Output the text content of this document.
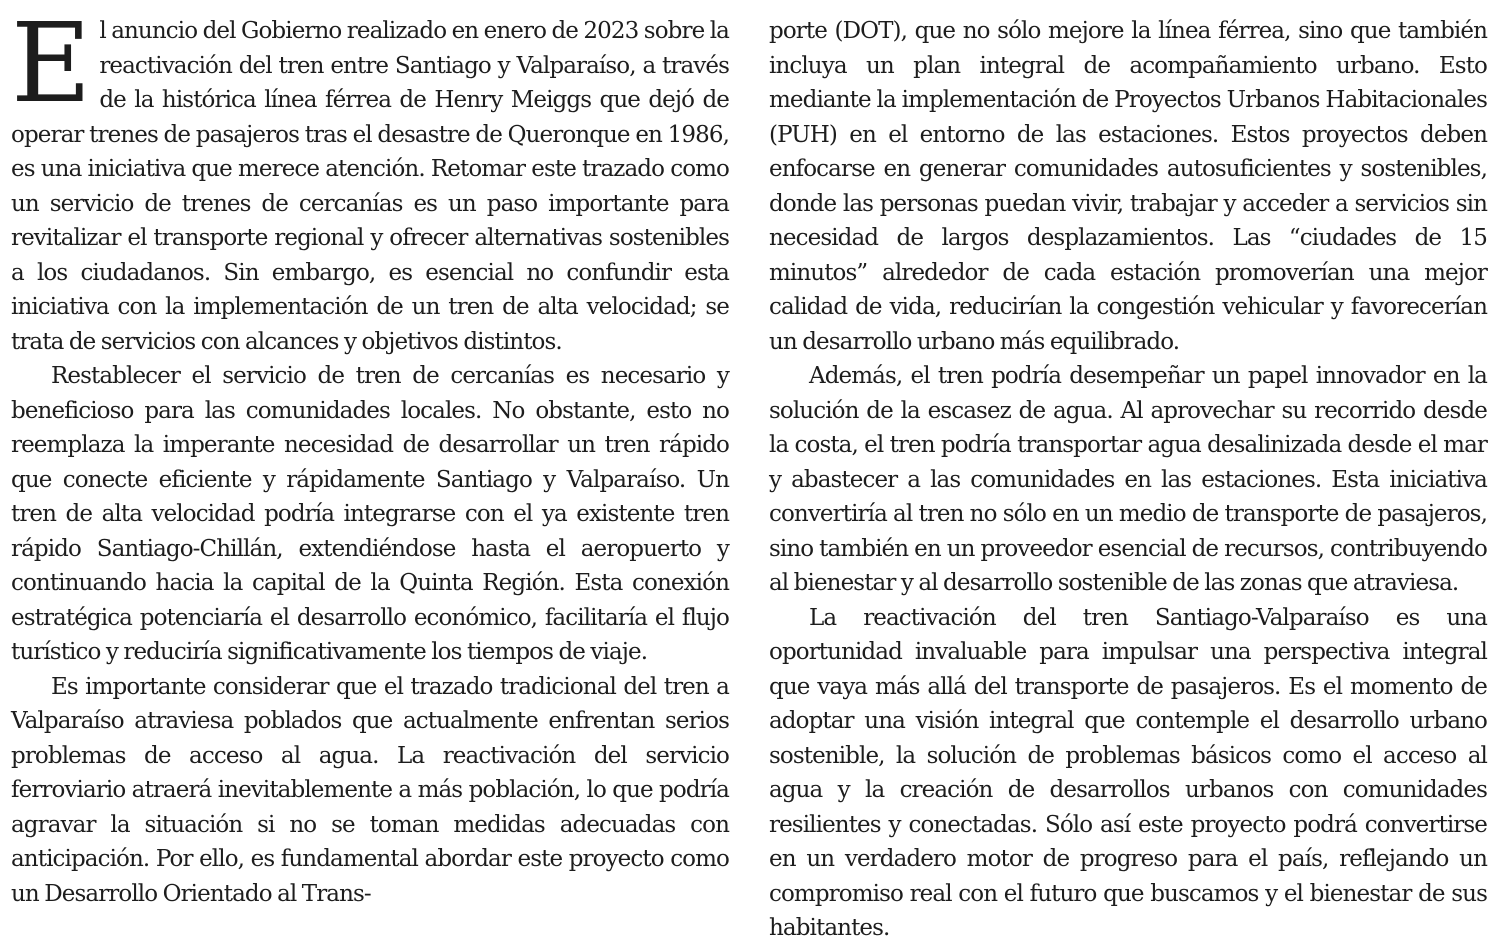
El anuncio del Gobierno realizado en enero de 2023 sobre la reactivación del tren entre Santiago y Valparaíso, a través de la histórica línea férrea de Henry Meiggs que dejó de operar trenes de pasajeros tras el desastre de Queronque en 1986, es una iniciativa que merece atención. Retomar este trazado como un servicio de trenes de cercanías es un paso importante para revitalizar el transporte regional y ofrecer alternativas sostenibles a los ciudadanos. Sin embargo, es esencial no confundir esta iniciativa con la implementación de un tren de alta velocidad; se trata de servicios con alcances y objetivos distintos.

Restablecer el servicio de tren de cercanías es necesario y beneficioso para las comunidades locales. No obstante, esto no reemplaza la imperante necesidad de desarrollar un tren rápido que conecte eficiente y rápidamente Santiago y Valparaíso. Un tren de alta velocidad podría integrarse con el ya existente tren rápido Santiago-Chillán, extendiéndose hasta el aeropuerto y continuando hacia la capital de la Quinta Región. Esta conexión estratégica potenciaría el desarrollo económico, facilitaría el flujo turístico y reduciría significativamente los tiempos de viaje.

Es importante considerar que el trazado tradicional del tren a Valparaíso atraviesa poblados que actualmente enfrentan serios problemas de acceso al agua. La reactivación del servicio ferroviario atraerá inevitablemente a más población, lo que podría agravar la situación si no se toman medidas adecuadas con anticipación. Por ello, es fundamental abordar este proyecto como un Desarrollo Orientado al Trans-

porte (DOT), que no sólo mejore la línea férrea, sino que también incluya un plan integral de acompañamiento urbano. Esto mediante la implementación de Proyectos Urbanos Habitacionales (PUH) en el entorno de las estaciones. Estos proyectos deben enfocarse en generar comunidades autosuficientes y sostenibles, donde las personas puedan vivir, trabajar y acceder a servicios sin necesidad de largos desplazamientos. Las “ciudades de 15 minutos” alrededor de cada estación promoverían una mejor calidad de vida, reducirían la congestión vehicular y favorecerían un desarrollo urbano más equilibrado.

Además, el tren podría desempeñar un papel innovador en la solución de la escasez de agua. Al aprovechar su recorrido desde la costa, el tren podría transportar agua desalinizada desde el mar y abastecer a las comunidades en las estaciones. Esta iniciativa convertiría al tren no sólo en un medio de transporte de pasajeros, sino también en un proveedor esencial de recursos, contribuyendo al bienestar y al desarrollo sostenible de las zonas que atraviesa.

La reactivación del tren Santiago-Valparaíso es una oportunidad invaluable para impulsar una perspectiva integral que vaya más allá del transporte de pasajeros. Es el momento de adoptar una visión integral que contemple el desarrollo urbano sostenible, la solución de problemas básicos como el acceso al agua y la creación de desarrollos urbanos con comunidades resilientes y conectadas. Sólo así este proyecto podrá convertirse en un verdadero motor de progreso para el país, reflejando un compromiso real con el futuro que buscamos y el bienestar de sus habitantes.
